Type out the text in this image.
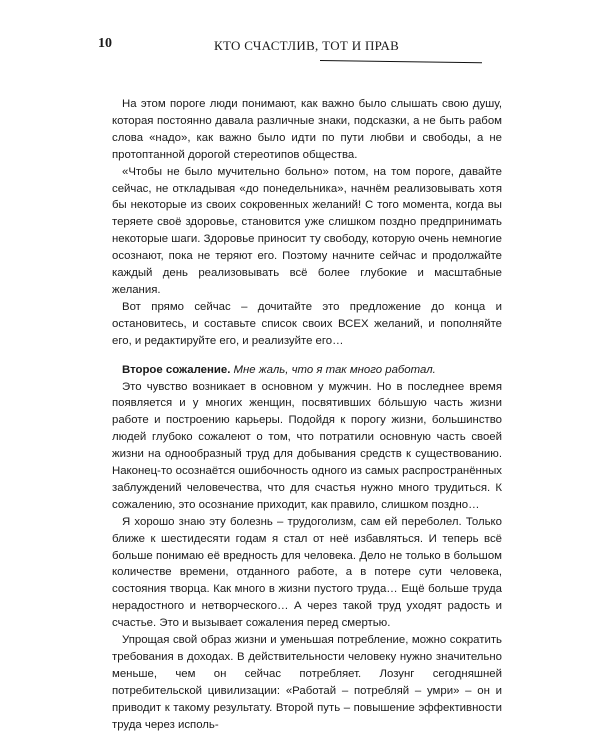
10	КТО СЧАСТЛИВ, ТОТ И ПРАВ

На этом пороге люди понимают, как важно было слышать свою душу, которая постоянно давала различные знаки, подсказки, а не быть рабом слова «надо», как важно было идти по пути любви и свободы, а не протоптанной дорогой стереотипов общества.

«Чтобы не было мучительно больно» потом, на том пороге, давайте сейчас, не откладывая «до понедельника», начнём реализовывать хотя бы некоторые из своих сокровенных желаний! С того момента, когда вы теряете своё здоровье, становится уже слишком поздно предпринимать некоторые шаги. Здоровье приносит ту свободу, которую очень немногие осознают, пока не теряют его. Поэтому начните сейчас и продолжайте каждый день реализовывать всё более глубокие и масштабные желания.

Вот прямо сейчас – дочитайте это предложение до конца и остановитесь, и составьте список своих ВСЕХ желаний, и пополняйте его, и редактируйте его, и реализуйте его…

Второе сожаление. Мне жаль, что я так много работал.

Это чувство возникает в основном у мужчин. Но в последнее время появляется и у многих женщин, посвятивших бо́льшую часть жизни работе и построению карьеры. Подойдя к порогу жизни, большинство людей глубоко сожалеют о том, что потратили основную часть своей жизни на однообразный труд для добывания средств к существованию. Наконец-то осознаётся ошибочность одного из самых распространённых заблуждений человечества, что для счастья нужно много трудиться. К сожалению, это осознание приходит, как правило, слишком поздно…

Я хорошо знаю эту болезнь – трудоголизм, сам ей переболел. Только ближе к шестидесяти годам я стал от неё избавляться. И теперь всё больше понимаю её вредность для человека. Дело не только в большом количестве времени, отданного работе, а в потере сути человека, состояния творца. Как много в жизни пустого труда… Ещё больше труда нерадостного и нетворческого… А через такой труд уходят радость и счастье. Это и вызывает сожаления перед смертью.

Упрощая свой образ жизни и уменьшая потребление, можно сократить требования в доходах. В действительности человеку нужно значительно меньше, чем он сейчас потребляет. Лозунг сегодняшней потребительской цивилизации: «Работай – потребляй – умри» – он и приводит к такому результату. Второй путь – повышение эффективности труда через исполь-
